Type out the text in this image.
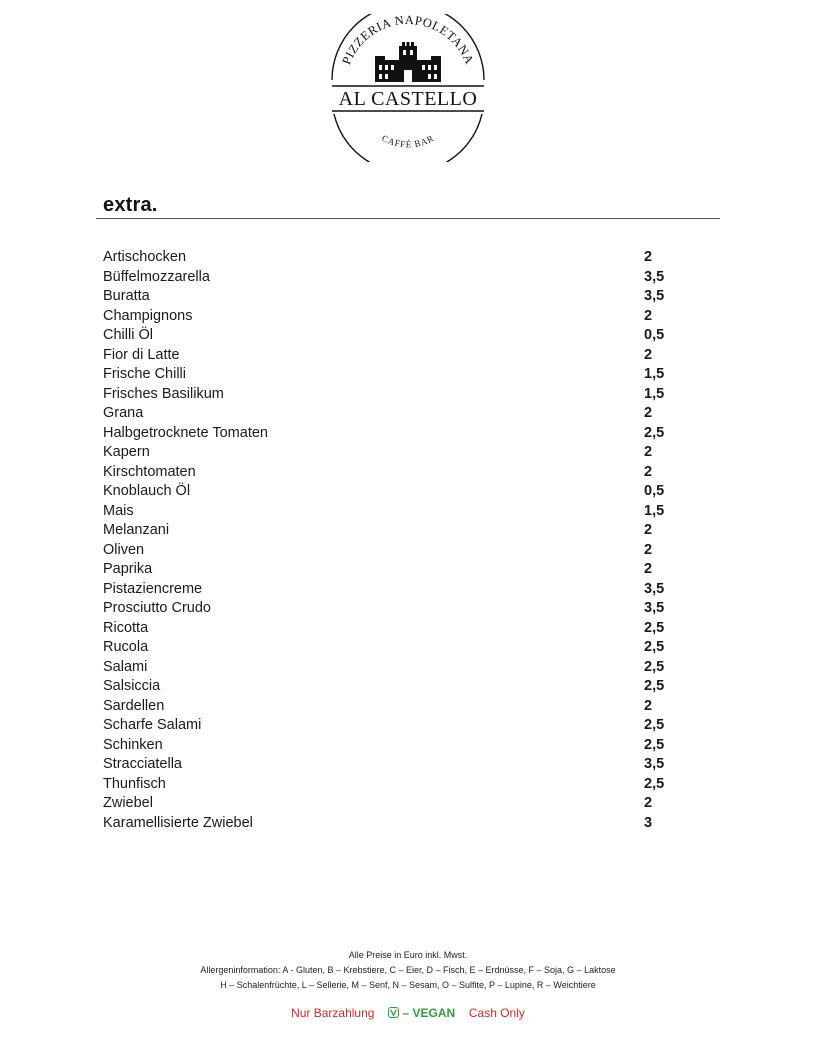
PIZZERIA NAPOLETANA
AL CASTELLO
CAFFÉ BAR
extra.
Artischocken	2
Büffelmozzarella	3,5
Buratta	3,5
Champignons	2
Chilli Öl	0,5
Fior di Latte	2
Frische Chilli	1,5
Frisches Basilikum	1,5
Grana	2
Halbgetrocknete Tomaten	2,5
Kapern	2
Kirschtomaten	2
Knoblauch Öl	0,5
Mais	1,5
Melanzani	2
Oliven	2
Paprika	2
Pistaziencreme	3,5
Prosciutto Crudo	3,5
Ricotta	2,5
Rucola	2,5
Salami	2,5
Salsiccia	2,5
Sardellen	2
Scharfe Salami	2,5
Schinken	2,5
Stracciatella	3,5
Thunfisch	2,5
Zwiebel	2
Karamellisierte Zwiebel	3
Alle Preise in Euro inkl. Mwst.
Allergeninformation: A - Gluten, B – Krebstiere, C – Eier, D – Fisch, E – Erdnüsse, F – Soja, G – Laktose
H – Schalenfrüchte, L – Sellerie, M – Senf, N – Sesam, O – Sulfite, P – Lupine, R – Weichtiere
Nur Barzahlung – VEGAN Cash Only
